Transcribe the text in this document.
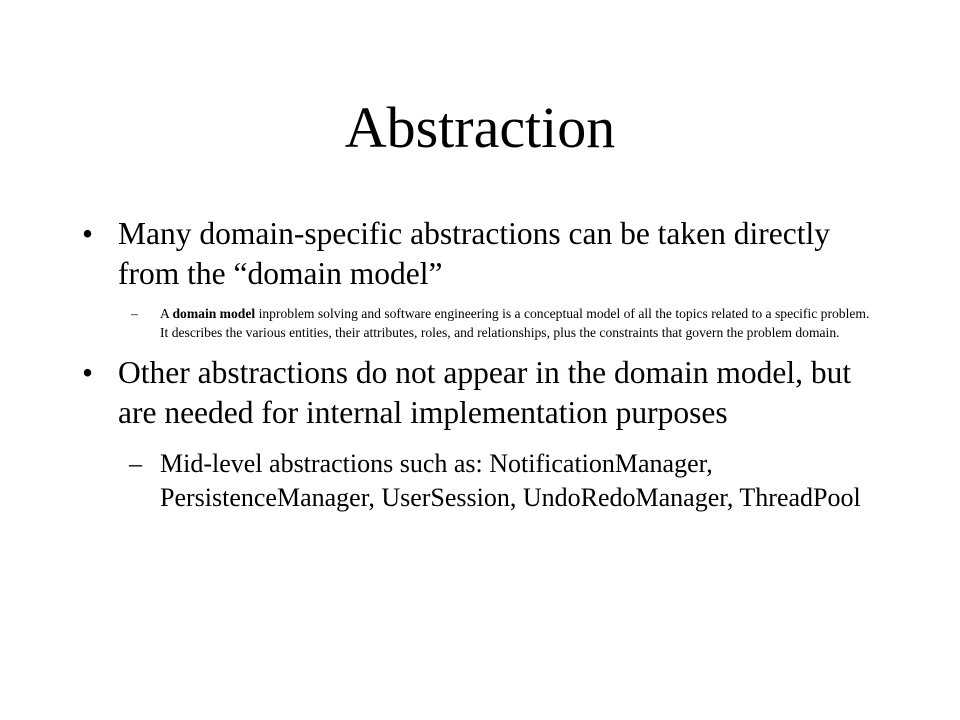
Abstraction
• Many domain-specific abstractions can be taken directly from the “domain model”
– A domain model inproblem solving and software engineering is a conceptual model of all the topics related to a specific problem. It describes the various entities, their attributes, roles, and relationships, plus the constraints that govern the problem domain.
• Other abstractions do not appear in the domain model, but are needed for internal implementation purposes
– Mid-level abstractions such as: NotificationManager, PersistenceManager, UserSession, UndoRedoManager, ThreadPool
